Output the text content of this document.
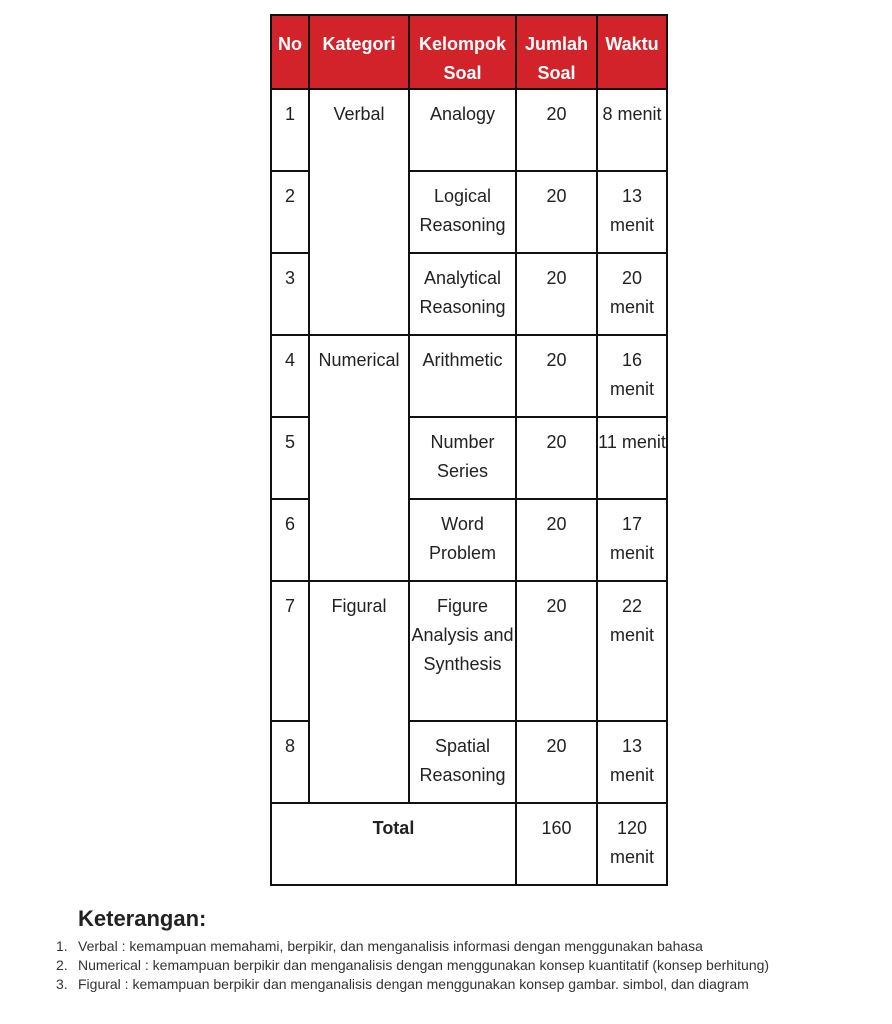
No	Kategori	Kelompok Soal	Jumlah Soal	Waktu
1	Verbal	Analogy	20	8 menit
2		Logical Reasoning	20	13 menit
3		Analytical Reasoning	20	20 menit
4	Numerical	Arithmetic	20	16 menit
5		Number Series	20	11 menit
6		Word Problem	20	17 menit
7	Figural	Figure Analysis and Synthesis	20	22 menit
8		Spatial Reasoning	20	13 menit
Total			160	120 menit
Keterangan:
1. Verbal : kemampuan memahami, berpikir, dan menganalisis informasi dengan menggunakan bahasa
2. Numerical : kemampuan berpikir dan menganalisis dengan menggunakan konsep kuantitatif (konsep berhitung)
3. Figural : kemampuan berpikir dan menganalisis dengan menggunakan konsep gambar. simbol, dan diagram
